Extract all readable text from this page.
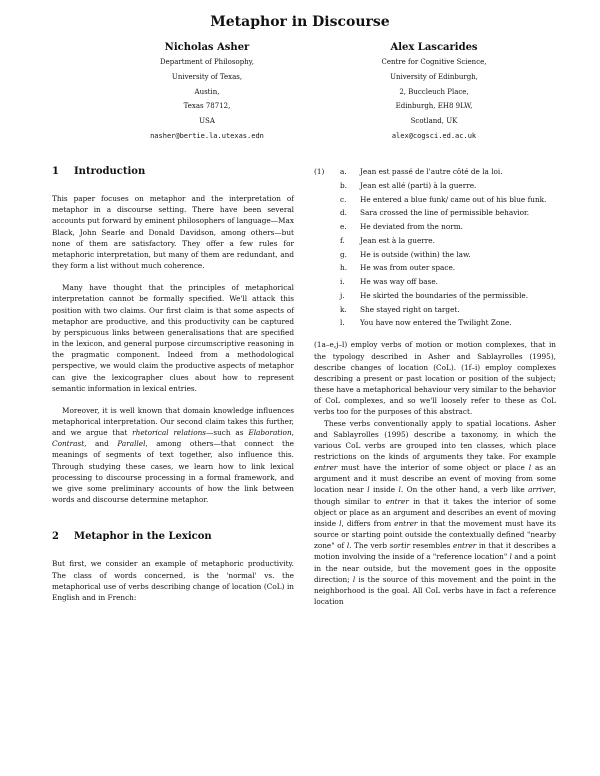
Metaphor in Discourse
Nicholas Asher
Department of Philosophy,
University of Texas,
Austin,
Texas 78712,
USA
nasher@bertie.la.utexas.edn
Alex Lascarides
Centre for Cognitive Science,
University of Edinburgh,
2, Buccleuch Place,
Edinburgh, EH8 9LW,
Scotland, UK
alex@cogsci.ed.ac.uk
1 Introduction

This paper focuses on metaphor and the interpretation of metaphor in a discourse setting. There have been several accounts put forward by eminent philosophers of language—Max Black, John Searle and Donald Davidson, among others—but none of them are satisfactory. They offer a few rules for metaphoric interpretation, but many of them are redundant, and they form a list without much coherence.

Many have thought that the principles of metaphorical interpretation cannot be formally specified. We'll attack this position with two claims. Our first claim is that some aspects of metaphor are productive, and this productivity can be captured by perspicuous links between generalisations that are specified in the lexicon, and general purpose circumscriptive reasoning in the pragmatic component. Indeed from a methodological perspective, we would claim the productive aspects of metaphor can give the lexicographer clues about how to represent semantic information in lexical entries.

Moreover, it is well known that domain knowledge influences metaphorical interpretation. Our second claim takes this further, and we argue that rhetorical relations—such as Elaboration, Contrast, and Parallel, among others—that connect the meanings of segments of text together, also influence this. Through studying these cases, we learn how to link lexical processing to discourse processing in a formal framework, and we give some preliminary accounts of how the link between words and discourse determine metaphor.

2 Metaphor in the Lexicon

But first, we consider an example of metaphoric productivity. The class of words concerned, is the 'normal' vs. the metaphorical use of verbs describing change of location (CoL) in English and in French:

(1) a.	Jean est passé de l'autre côté de la loi.
b.	Jean est allé (parti) à la guerre.
c.	He entered a blue funk/ came out of his blue funk.
d.	Sara crossed the line of permissible behavior.
e.	He deviated from the norm.
f.	Jean est à la guerre.
g.	He is outside (within) the law.
h.	He was from outer space.
i.	He was way off base.
j.	He skirted the boundaries of the permissible.
k.	She stayed right on target.
l.	You have now entered the Twilight Zone.

(1a–e,j–l) employ verbs of motion or motion complexes, that in the typology described in Asher and Sablayrolles (1995), describe changes of location (CoL). (1f–i) employ complexes describing a present or past location or position of the subject; these have a metaphorical behaviour very similar to the behavior of CoL complexes, and so we'll loosely refer to these as CoL verbs too for the purposes of this abstract.

These verbs conventionally apply to spatial locations. Asher and Sablayrolles (1995) describe a taxonomy, in which the various CoL verbs are grouped into ten classes, which place restrictions on the kinds of arguments they take. For example entrer must have the interior of some object or place l as an argument and it must describe an event of moving from some location near l inside l. On the other hand, a verb like arriver, though similar to entrer in that it takes the interior of some object or place as an argument and describes an event of moving inside l, differs from entrer in that the movement must have its source or starting point outside the contextually defined "nearby zone" of l. The verb sortir resembles entrer in that it describes a motion involving the inside of a "reference location" l and a point in the near outside, but the movement goes in the opposite direction; l is the source of this movement and the point in the neighborhood is the goal. All CoL verbs have in fact a reference location
